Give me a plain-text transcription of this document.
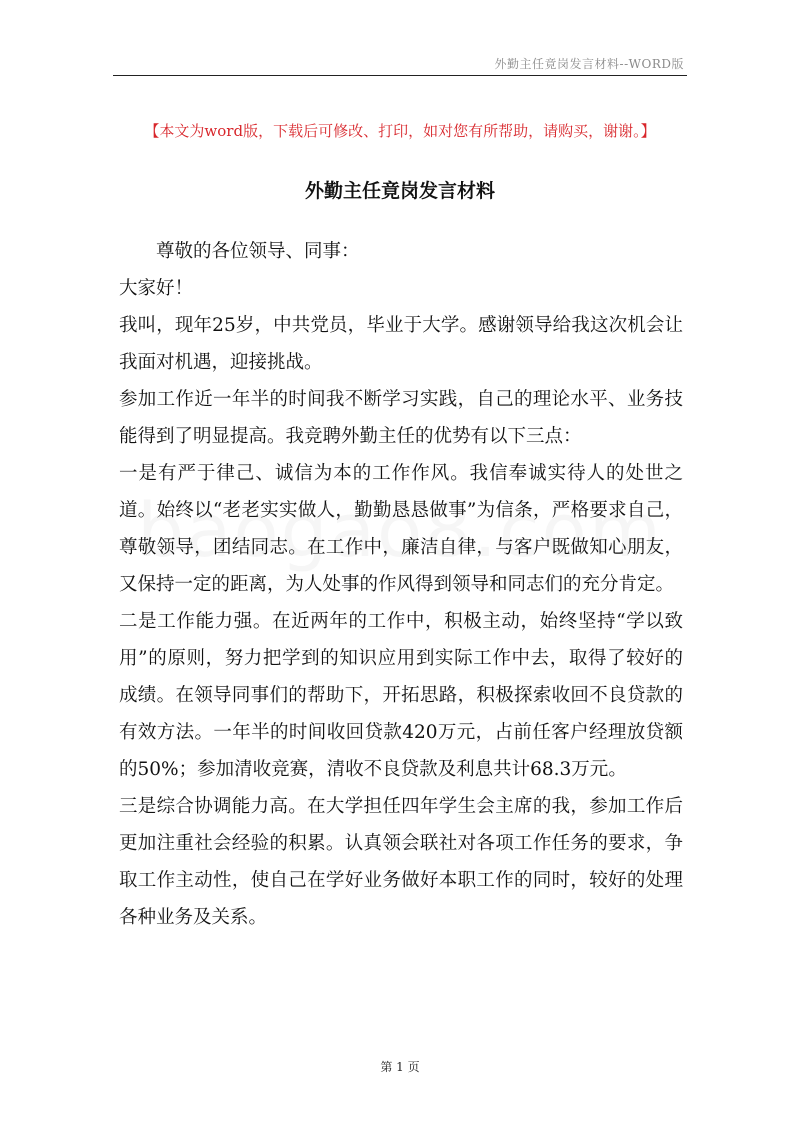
外勤主任竟岗发言材料--WORD版
【本文为word版，下载后可修改、打印，如对您有所帮助，请购买，谢谢。】
外勤主任竟岗发言材料

尊敬的各位领导、同事：

大家好！

我叫，现年25岁，中共党员，毕业于大学。感谢领导给我这次机会让我面对机遇，迎接挑战。

参加工作近一年半的时间我不断学习实践，自己的理论水平、业务技能得到了明显提高。我竞聘外勤主任的优势有以下三点：

一是有严于律己、诚信为本的工作作风。我信奉诚实待人的处世之道。始终以“老老实实做人，勤勤恳恳做事”为信条，严格要求自己，尊敬领导，团结同志。在工作中，廉洁自律，与客户既做知心朋友，又保持一定的距离，为人处事的作风得到领导和同志们的充分肯定。

二是工作能力强。在近两年的工作中，积极主动，始终坚持“学以致用”的原则，努力把学到的知识应用到实际工作中去，取得了较好的成绩。在领导同事们的帮助下，开拓思路，积极探索收回不良贷款的有效方法。一年半的时间收回贷款420万元，占前任客户经理放贷额的50%；参加清收竞赛，清收不良贷款及利息共计68.3万元。

三是综合协调能力高。在大学担任四年学生会主席的我，参加工作后更加注重社会经验的积累。认真领会联社对各项工作任务的要求，争取工作主动性，使自己在学好业务做好本职工作的同时，较好的处理各种业务及关系。

第 1 页
